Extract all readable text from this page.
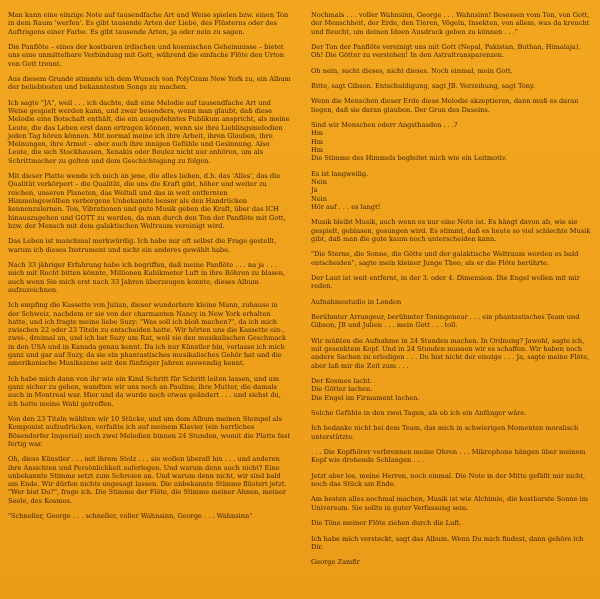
Man kann eine einzige Note auf tausendfache Art und Weise spielen bzw. einen Ton in dem Raum 'werfen'. Es gibt tausende Arten der Liebe, des Flüsterns oder des Auftragens einer Farbe. Es gibt tausende Arten, ja oder nein zu sagen.

Die Panflöte – eines der kostbaren irdischen und kosmischen Geheimnisse – bietet uns eine unmittelbare Verbindung mit Gott, während die einfache Flöte den Urton von Gott trennt.

Aus diesem Grunde stimmte ich dem Wunsch von PolyGram New York zu, ein Album der beliebtesten und bekanntesten Songs zu machen.

Ich sagte "JA", weil . . . ich dachte, daß eine Melodie auf tausendfache Art und Weise gespielt werden kann, und zwar besonders, wenn man glaubt, daß diese Melodie eine Botschaft enthält, die ein ausgedehntes Publikum anspricht, als meine Leute, die das Leben erst dann ertragen können, wenn sie ihre Lieblingsmelodien jeden Tag hören können. Mit normal meine ich ihre Arbeit, ihren Glauben, ihre Meinungen, ihre Armut – aber auch ihre innigen Gefühle und Gesinnung. Also Leute, die sich Stockhausen, Xenakis oder Boulez nicht nur anhören, um als Schrittmacher zu gelten und dem Geschichtsgang zu folgen.

Mit dieser Platte wende ich mich an jene, die alles lieben, d.h. das 'Alles', das die Qualität verkörpert – die Qualität, die uns die Kraft gibt, höher und weiter zu reichen, unseren Planeten, das Weltall und das in weit entfernten Himmelsgewölben verborgene Unbekannte besser als den Handrücken kennenzulernen. Ton, Vibrationen und gute Musik geben die Kraft, über das ICH hinauszugehen und GOTT zu werden, da man durch den Ton der Panflöte mit Gott, bzw. der Mensch mit dem galaktischen Weltraum vereinigt wird.

Das Leben ist manchmal merkwürdig. Ich habe mir oft selbst die Frage gestellt, warum ich dieses Instrument und nicht ein anderes gewählt habe.

Nach 33 jähriger Erfahrung habe ich begriffen, daß meine Panflöte . . . na ja . . . mich mit Recht bitten könnte, Millionen Kubikmeter Luft in ihre Röhren zu blasen, auch wenn Sie mich erst nach 33 Jahren überzeugen konnte, dieses Album aufzuzeichnen.

Ich empfing die Kassette von Julian, dieser wunderbare kleine Mann, zuhause in der Schweiz, nachdem er sie von der charmanten Nancy in New York erhalten hatte, und ich fragte meine liebe Suzy: "Was soll ich bloß machen?", da ich mich zwischen 22 oder 23 Titeln zu entscheiden hatte. Wir hörten uns die Kassette ein-, zwei-, dreimal an, und ich bat Suzy um Rat, weil sie den musikalischen Geschmack in den USA und in Kanada genau kennt. Da ich nur Künstler bin, verlasse ich mich ganz und gar auf Suzy, da sie ein phantastisches musikalisches Gehör hat und die amerikanische Musikszene seit den fünfziger Jahren auswendig kennt.

Ich habe mich dann von ihr wie ein Kind Schritt für Schritt leiten lassen, und um ganz sicher zu gehen, wandten wir uns noch an Pauline, ihre Mutter, die damals auch in Montreal war. Hier und da wurde noch etwas geändert . . . und siehst du, ich hatte meine Wahl getroffen.

Von den 23 Titeln wählten wir 10 Stücke, und um dem Album meinen Stempel als Komponist aufzudrücken, verfaßte ich auf meinem Klavier (ein herrliches Bösendorfer Imperial) noch zwei Melodien binnen 24 Stunden, womit die Platte fast fertig war.

Oh, diese Künstler . . . mit ihrem Stolz . . . sie wollen überall hin . . . und anderen ihre Ansichten und Persönlichkeit auferlegen. Und warum denn auch nicht? Eine unbekannte Stimme setzt zum Schreien an. Und warum denn nicht, wir sind bald am Ende. Wir dürfen nichts ungesagt lassen. Die unbekannte Stimme flüstert jetzt. "Wer bist Du?", frage ich. Die Stimme der Flöte, die Stimme meiner Ahnen, meiner Seele, des Kosmos.

"Schneller, George . . . schneller, voller Wahnsinn, George . . . Wahnsinn"

Nochmals . . . voller Wahnsinn, George . . . Wahnsinn! Besessen vom Ton, von Gott, der Menschheit, der Erde, den Tieren, Vögeln, Insekten, von allem, was da kreucht und fleucht, um deinen Ideen Ausdruck geben zu können . . ."

Der Ton der Panflöte vereinigt uns mit Gott (Nepal, Pakistan, Buthan, Himalaja). Oh! Die Götter zu verstehen! In den Astraltransparenzen.

Oh nein, sucht dieses, nicht dieses. Noch einmal, mein Gott.

Bitte, sagt Gibson. Entschuldigung, sagt JB. Verzeihung, sagt Tony.

Wenn die Menschen dieser Erde diese Melodie akzeptieren, dann muß es daran liegen, daß sie daran glauben. Der Grun des Daseins.

Sind wir Menschen oderr Angsthasden . . .?
Hm
Hm
Hm
Die Stimme des Himmels begleitet mich wie ein Leitmotiv.

Es ist langweilig.
Nein
Ja
Nein
Hör auf . . . es langt!

Musik bleibt Musik, auch wenn es nur eine Note ist. Es hängt davon ab, wie sie gespielt, geblasen, gesungen wird. Es stimmt, daß es heute so viel schlechte Musik gibt, daß man die gute kaum noch unterscheiden kann.

"Die Sterne, die Sonne, die Götte und der galaktische Weltraum werden es bald entscheiden", sagte mein kleiner Junge Theo, als er die Flöte berührte.

Der Laut ist weit entfernt, in der 3. oder 4. Dimension. Die Engel wollen mit mir reden.

Aufnahmestudio in London

Berühmter Arrangeur, berühmter Toningeneur . . . ein phantastisches Team und Gibson, JB und Julien . . . mein Gott . . . toll.

Wir müßten die Aufnahme in 24 Stunden machen. In Ordnung? Jawohl, sagte ich, mit gesenktem Kopf. Und in 24 Stunden mussen wir es schaffen. Wir haben noch andere Sachen zu erledigen . . . Du bist nicht der einzige . . . Ja, sagte meine Flöte, aber laß mir die Zeit zum . . .

Der Kosmos lacht.
Die Götter lachen.
Die Engel im Firmament lachen.

Solche Gefühle in den zwei Tagen, als ob ich ein Anfänger wäre.

Ich bedanke nicht bei dem Team, das mich in schwierigen Momenten moralisch unterstützte.

. . . Die Kopfhörer verbrennen meine Ohren . . . Mikrophone hängen über meinem Kopf wie drohende Schlangen . . .

Jetzt aber los, meine Herren, noch einmal. Die Note in der Mitte gefällt mir nicht, noch das Stück am Ende.

Am besten alles nochmal machen, Musik ist wie Alchimie, die kostbarste Sonne im Universum. Sie sollte in guter Verfassung sein.

Die Töne meiner Flöte ziehen durch die Luft.

Ich habe mich versteckt, sagt das Album. Wenn Du mich findest, dann gehöre ich Dir.

George Zamfir
